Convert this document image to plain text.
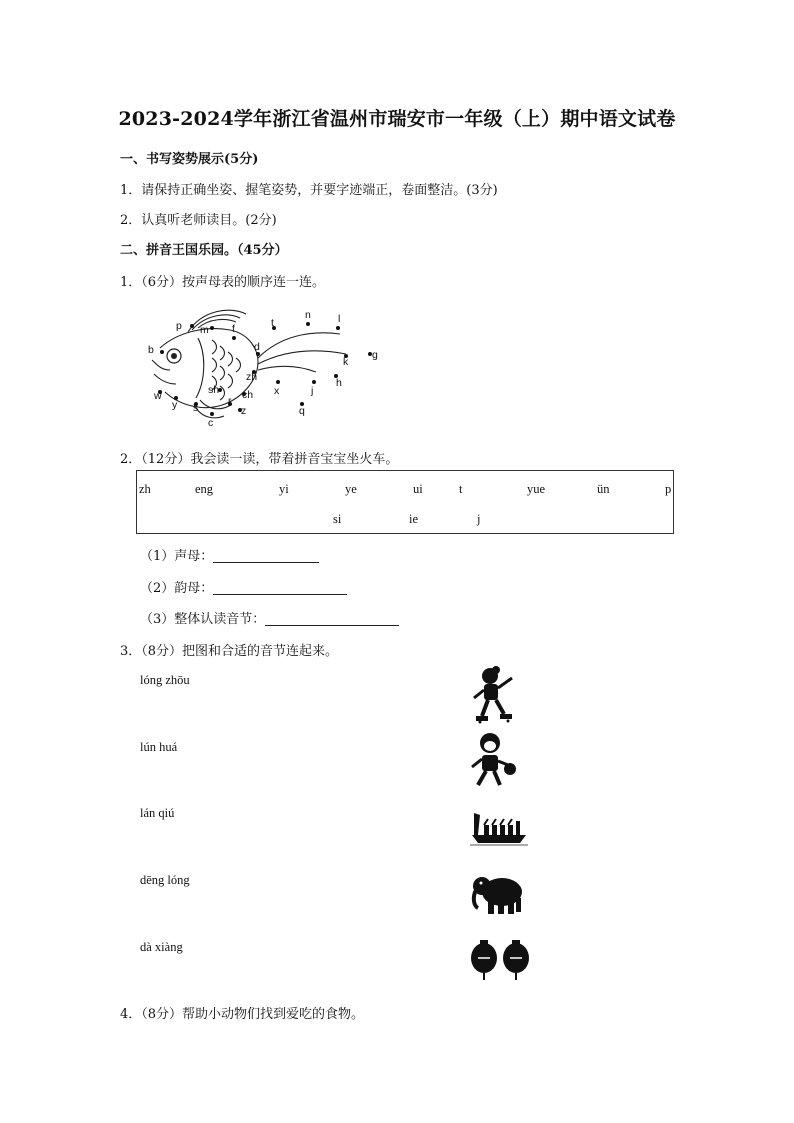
2023-2024学年浙江省温州市瑞安市一年级（上）期中语文试卷
一、书写姿势展示(5分)
1．请保持正确坐姿、握笔姿势，并要字迹端正，卷面整洁。(3分)
2．认真听老师读目。(2分)
二、拼音王国乐园。（45分）
1．（6分）按声母表的顺序连一连。
p m f
b	d
t
n	l
k
g
h
j
q
x
zh
ch
sh
r
z
c
s
y
w
2．（12分）我会读一读，带着拼音宝宝坐火车。
zh	eng	yi	ye	ui	t	yue	ün	p
si	ie	j
（1）声母：
（2）韵母：
（3）整体认读音节：
3．（8分）把图和合适的音节连起来。
lóng zhōu
lún huá
lán qiú
dēng lóng
dà xiàng
4．（8分）帮助小动物们找到爱吃的食物。
